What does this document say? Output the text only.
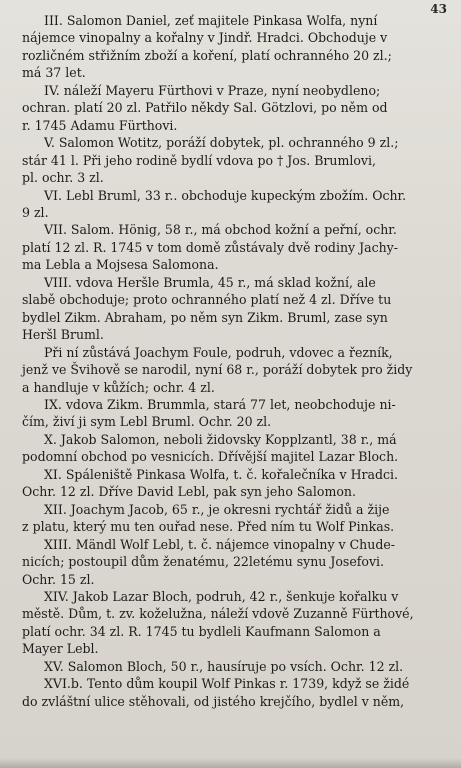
43

III. Salomon Daniel, zeť majitele Pinkasa Wolfa, nyní
nájemce vinopalny a kořalny v Jindř. Hradci. Obchoduje v
rozličném střižním zboží a koření, platí ochranného 20 zl.;
má 37 let.

IV. náleží Mayeru Fürthovi v Praze, nyní neobydleno;
ochran. platí 20 zl. Patřilo někdy Sal. Götzlovi, po něm od
r. 1745 Adamu Fürthovi.

V. Salomon Wotitz, poráží dobytek, pl. ochranného 9 zl.;
stár 41 l. Při jeho rodině bydlí vdova po † Jos. Brumlovi,
pl. ochr. 3 zl.

VI. Lebl Bruml, 33 r.. obchoduje kupeckým zbožím. Ochr.
9 zl.

VII. Salom. Hönig, 58 r., má obchod kožní a peřní, ochr.
platí 12 zl. R. 1745 v tom domě zůstávaly dvě rodiny Jachy-
ma Lebla a Mojsesa Salomona.

VIII. vdova Heršle Brumla, 45 r., má sklad kožní, ale
slabě obchoduje; proto ochranného platí než 4 zl. Dříve tu
bydlel Zikm. Abraham, po něm syn Zikm. Bruml, zase syn
Heršl Bruml.

Při ní zůstává Joachym Foule, podruh, vdovec a řezník,
jenž ve Švihově se narodil, nyní 68 r., poráží dobytek pro židy
a handluje v kůžích; ochr. 4 zl.

IX. vdova Zikm. Brummla, stará 77 let, neobchoduje ni-
čím, živí ji sym Lebl Bruml. Ochr. 20 zl.

X. Jakob Salomon, neboli židovsky Kopplzantl, 38 r., má
podomní obchod po vesnicích. Dřívější majitel Lazar Bloch.

XI. Spáleniště Pinkasa Wolfa, t. č. kořalečníka v Hradci.
Ochr. 12 zl. Dříve David Lebl, pak syn jeho Salomon.

XII. Joachym Jacob, 65 r., je okresni rychtář židů a žije
z platu, který mu ten ouřad nese. Před ním tu Wolf Pinkas.

XIII. Mändl Wolf Lebl, t. č. nájemce vinopalny v Chude-
nicích; postoupil dům ženatému, 22letému synu Josefovi.
Ochr. 15 zl.

XIV. Jakob Lazar Bloch, podruh, 42 r., šenkuje kořalku v
městě. Dům, t. zv. koželužna, náleží vdově Zuzanně Fürthové,
platí ochr. 34 zl. R. 1745 tu bydleli Kaufmann Salomon a
Mayer Lebl.

XV. Salomon Bloch, 50 r., hausíruje po vsích. Ochr. 12 zl.

XVI.b. Tento dům koupil Wolf Pinkas r. 1739, když se židé
do zvláštní ulice stěhovali, od jistého krejčího, bydlel v něm,
